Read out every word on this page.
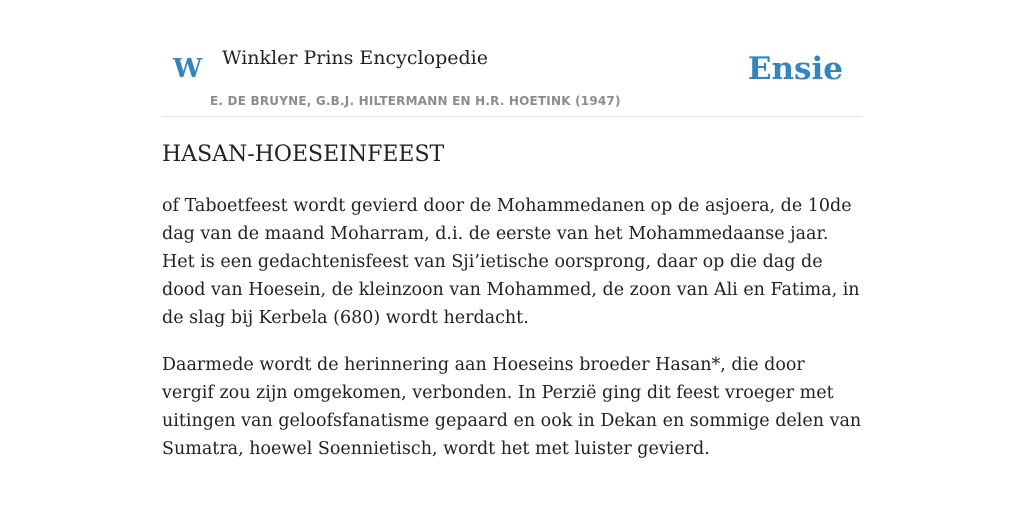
W Winkler Prins Encyclopedie
E. DE BRUYNE, G.B.J. HILTERMANN EN H.R. HOETINK (1947)
Ensie
HASAN-HOESEINFEEST

of Taboetfeest wordt gevierd door de Mohammedanen op de asjoera, de 10de dag van de maand Moharram, d.i. de eerste van het Mohammedaanse jaar. Het is een gedachtenisfeest van Sji’ietische oorsprong, daar op die dag de dood van Hoesein, de kleinzoon van Mohammed, de zoon van Ali en Fatima, in de slag bij Kerbela (680) wordt herdacht.

Daarmede wordt de herinnering aan Hoeseins broeder Hasan*, die door vergif zou zijn omgekomen, verbonden. In Perzië ging dit feest vroeger met uitingen van geloofsfanatisme gepaard en ook in Dekan en sommige delen van Sumatra, hoewel Soennietisch, wordt het met luister gevierd.
